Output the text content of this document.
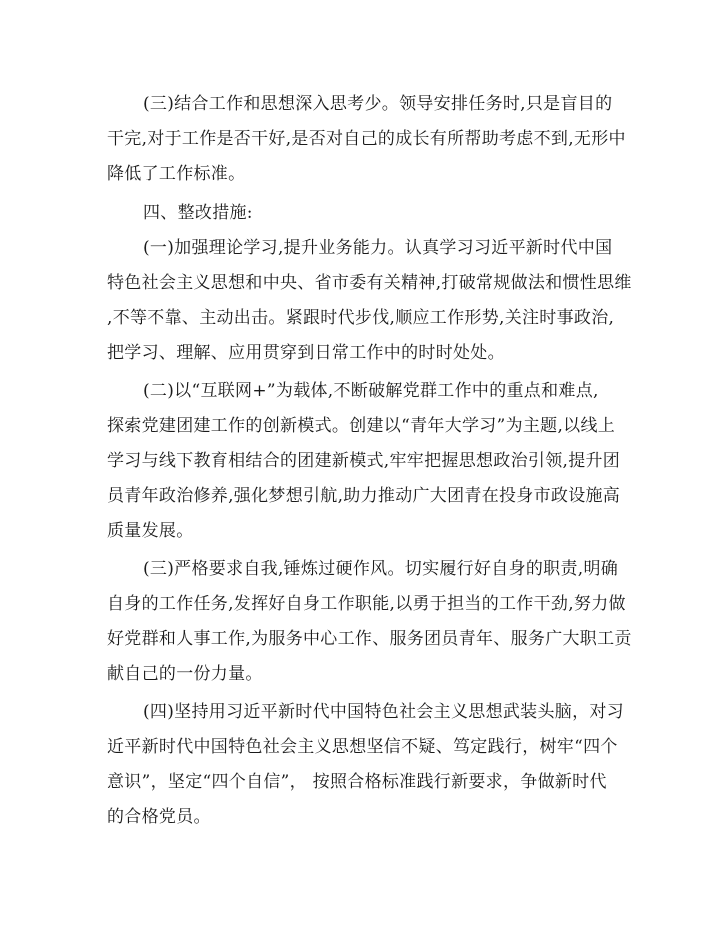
(三)结合工作和思想深入思考少。领导安排任务时,只是盲目的
干完,对于工作是否干好,是否对自己的成长有所帮助考虑不到,无形中
降低了工作标准。
四、整改措施:
(一)加强理论学习,提升业务能力。认真学习习近平新时代中国
特色社会主义思想和中央、省市委有关精神,打破常规做法和惯性思维
,不等不靠、主动出击。紧跟时代步伐,顺应工作形势,关注时事政治,
把学习、理解、应用贯穿到日常工作中的时时处处。
(二)以“互联网+”为载体,不断破解党群工作中的重点和难点,
探索党建团建工作的创新模式。创建以“青年大学习”为主题,以线上
学习与线下教育相结合的团建新模式,牢牢把握思想政治引领,提升团
员青年政治修养,强化梦想引航,助力推动广大团青在投身市政设施高
质量发展。
(三)严格要求自我,锤炼过硬作风。切实履行好自身的职责,明确
自身的工作任务,发挥好自身工作职能,以勇于担当的工作干劲,努力做
好党群和人事工作,为服务中心工作、服务团员青年、服务广大职工贡
献自己的一份力量。
(四)坚持用习近平新时代中国特色社会主义思想武装头脑，对习
近平新时代中国特色社会主义思想坚信不疑、笃定践行，树牢“四个
意识”，坚定“四个自信”， 按照合格标准践行新要求，争做新时代
的合格党员。
